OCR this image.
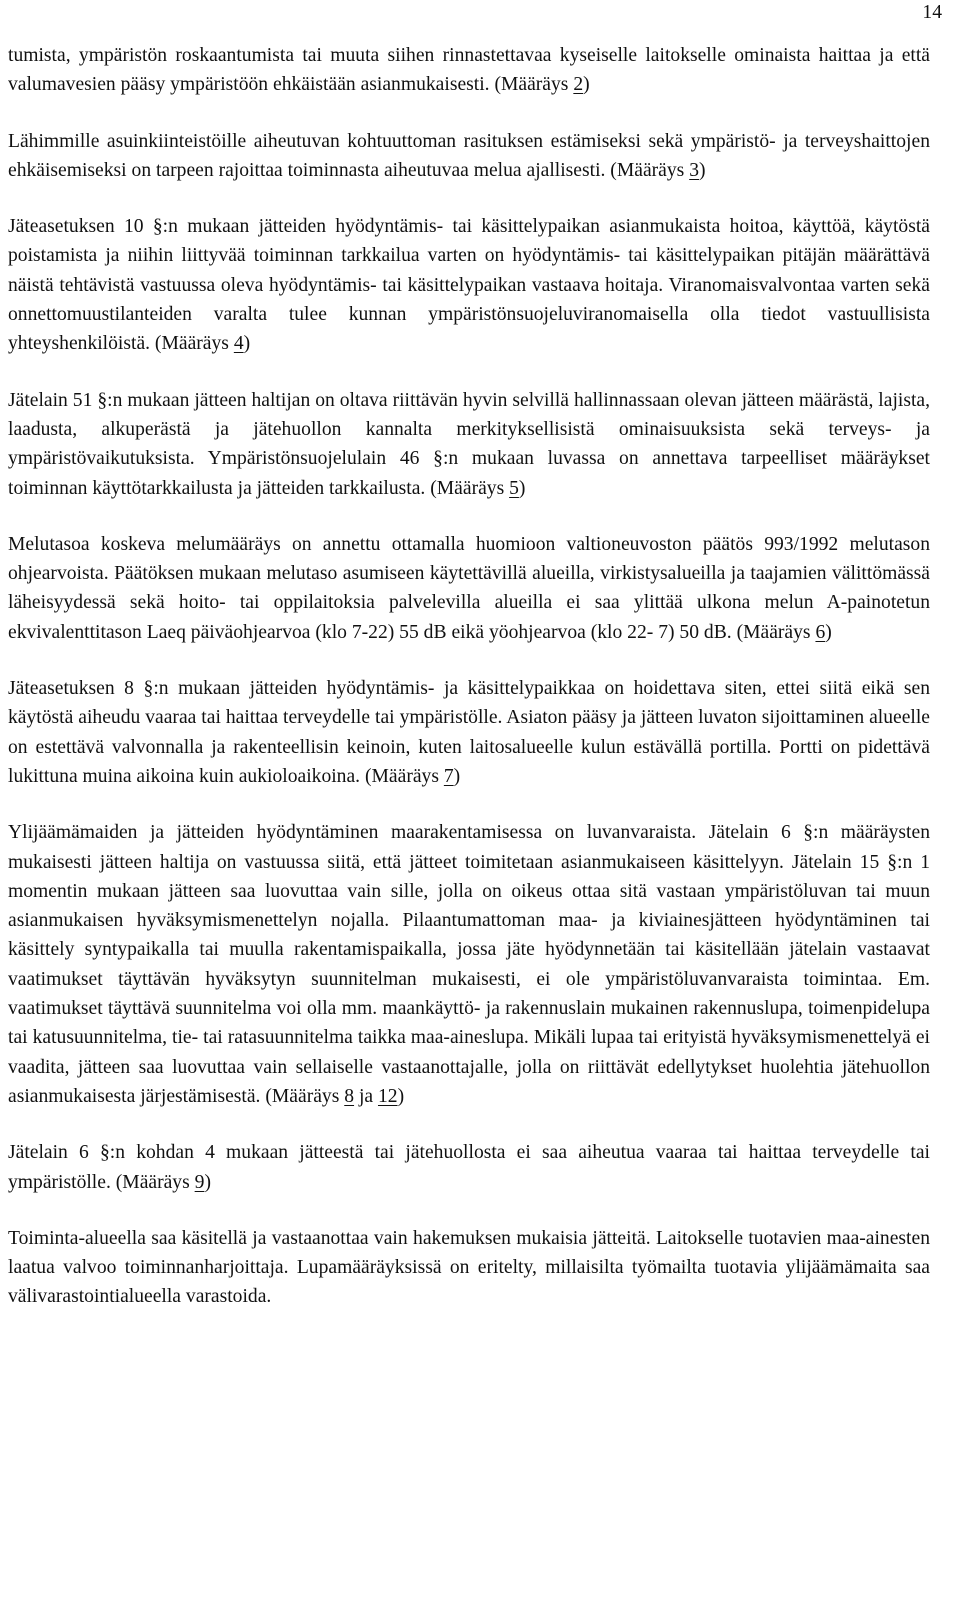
14

tumista, ympäristön roskaantumista tai muuta siihen rinnastettavaa kyseiselle laitokselle ominaista haittaa ja että valumavesien pääsy ympäristöön ehkäistään asianmukaisesti. (Määräys 2)

Lähimmille asuinkiinteistöille aiheutuvan kohtuuttoman rasituksen estämiseksi sekä ympäristö- ja terveyshaittojen ehkäisemiseksi on tarpeen rajoittaa toiminnasta aiheutuvaa melua ajallisesti. (Määräys 3)

Jäteasetuksen 10 §:n mukaan jätteiden hyödyntämis- tai käsittelypaikan asianmukaista hoitoa, käyttöä, käytöstä poistamista ja niihin liittyvää toiminnan tarkkailua varten on hyödyntämis- tai käsittelypaikan pitäjän määrättävä näistä tehtävistä vastuussa oleva hyödyntämis- tai käsittelypaikan vastaava hoitaja. Viranomaisvalvontaa varten sekä onnettomuustilanteiden varalta tulee kunnan ympäristönsuojeluviranomaisella olla tiedot vastuullisista yhteyshenkilöistä. (Määräys 4)

Jätelain 51 §:n mukaan jätteen haltijan on oltava riittävän hyvin selvillä hallinnassaan olevan jätteen määrästä, lajista, laadusta, alkuperästä ja jätehuollon kannalta merkityksellisistä ominaisuuksista sekä terveys- ja ympäristövaikutuksista. Ympäristönsuojelulain 46 §:n mukaan luvassa on annettava tarpeelliset määräykset toiminnan käyttötarkkailusta ja jätteiden tarkkailusta. (Määräys 5)

Melutasoa koskeva melumääräys on annettu ottamalla huomioon valtioneuvoston päätös 993/1992 melutason ohjearvoista. Päätöksen mukaan melutaso asumiseen käytettävillä alueilla, virkistysalueilla ja taajamien välittömässä läheisyydessä sekä hoito- tai oppilaitoksia palvelevilla alueilla ei saa ylittää ulkona melun A-painotetun ekvivalenttitason Laeq päiväohjearvoa (klo 7-22) 55 dB eikä yöohjearvoa (klo 22- 7) 50 dB. (Määräys 6)

Jäteasetuksen 8 §:n mukaan jätteiden hyödyntämis- ja käsittelypaikkaa on hoidettava siten, ettei siitä eikä sen käytöstä aiheudu vaaraa tai haittaa terveydelle tai ympäristölle. Asiaton pääsy ja jätteen luvaton sijoittaminen alueelle on estettävä valvonnalla ja rakenteellisin keinoin, kuten laitosalueelle kulun estävällä portilla. Portti on pidettävä lukittuna muina aikoina kuin aukioloaikoina. (Määräys 7)

Ylijäämämaiden ja jätteiden hyödyntäminen maarakentamisessa on luvanvaraista. Jätelain 6 §:n määräysten mukaisesti jätteen haltija on vastuussa siitä, että jätteet toimitetaan asianmukaiseen käsittelyyn. Jätelain 15 §:n 1 momentin mukaan jätteen saa luovuttaa vain sille, jolla on oikeus ottaa sitä vastaan ympäristöluvan tai muun asianmukaisen hyväksymismenettelyn nojalla. Pilaantumattoman maa- ja kiviainesjätteen hyödyntäminen tai käsittely syntypaikalla tai muulla rakentamispaikalla, jossa jäte hyödynnetään tai käsitellään jätelain vastaavat vaatimukset täyttävän hyväksytyn suunnitelman mukaisesti, ei ole ympäristöluvanvaraista toimintaa. Em. vaatimukset täyttävä suunnitelma voi olla mm. maankäyttö- ja rakennuslain mukainen rakennuslupa, toimenpidelupa tai katusuunnitelma, tie- tai ratasuunnitelma taikka maa-aineslupa. Mikäli lupaa tai erityistä hyväksymismenettelyä ei vaadita, jätteen saa luovuttaa vain sellaiselle vastaanottajalle, jolla on riittävät edellytykset huolehtia jätehuollon asianmukaisesta järjestämisestä. (Määräys 8 ja 12)

Jätelain 6 §:n kohdan 4 mukaan jätteestä tai jätehuollosta ei saa aiheutua vaaraa tai haittaa terveydelle tai ympäristölle. (Määräys 9)

Toiminta-alueella saa käsitellä ja vastaanottaa vain hakemuksen mukaisia jätteitä. Laitokselle tuotavien maa-ainesten laatua valvoo toiminnanharjoittaja. Lupamääräyksissä on eritelty, millaisilta työmailta tuotavia ylijäämämaita saa välivarastointialueella varastoida.
